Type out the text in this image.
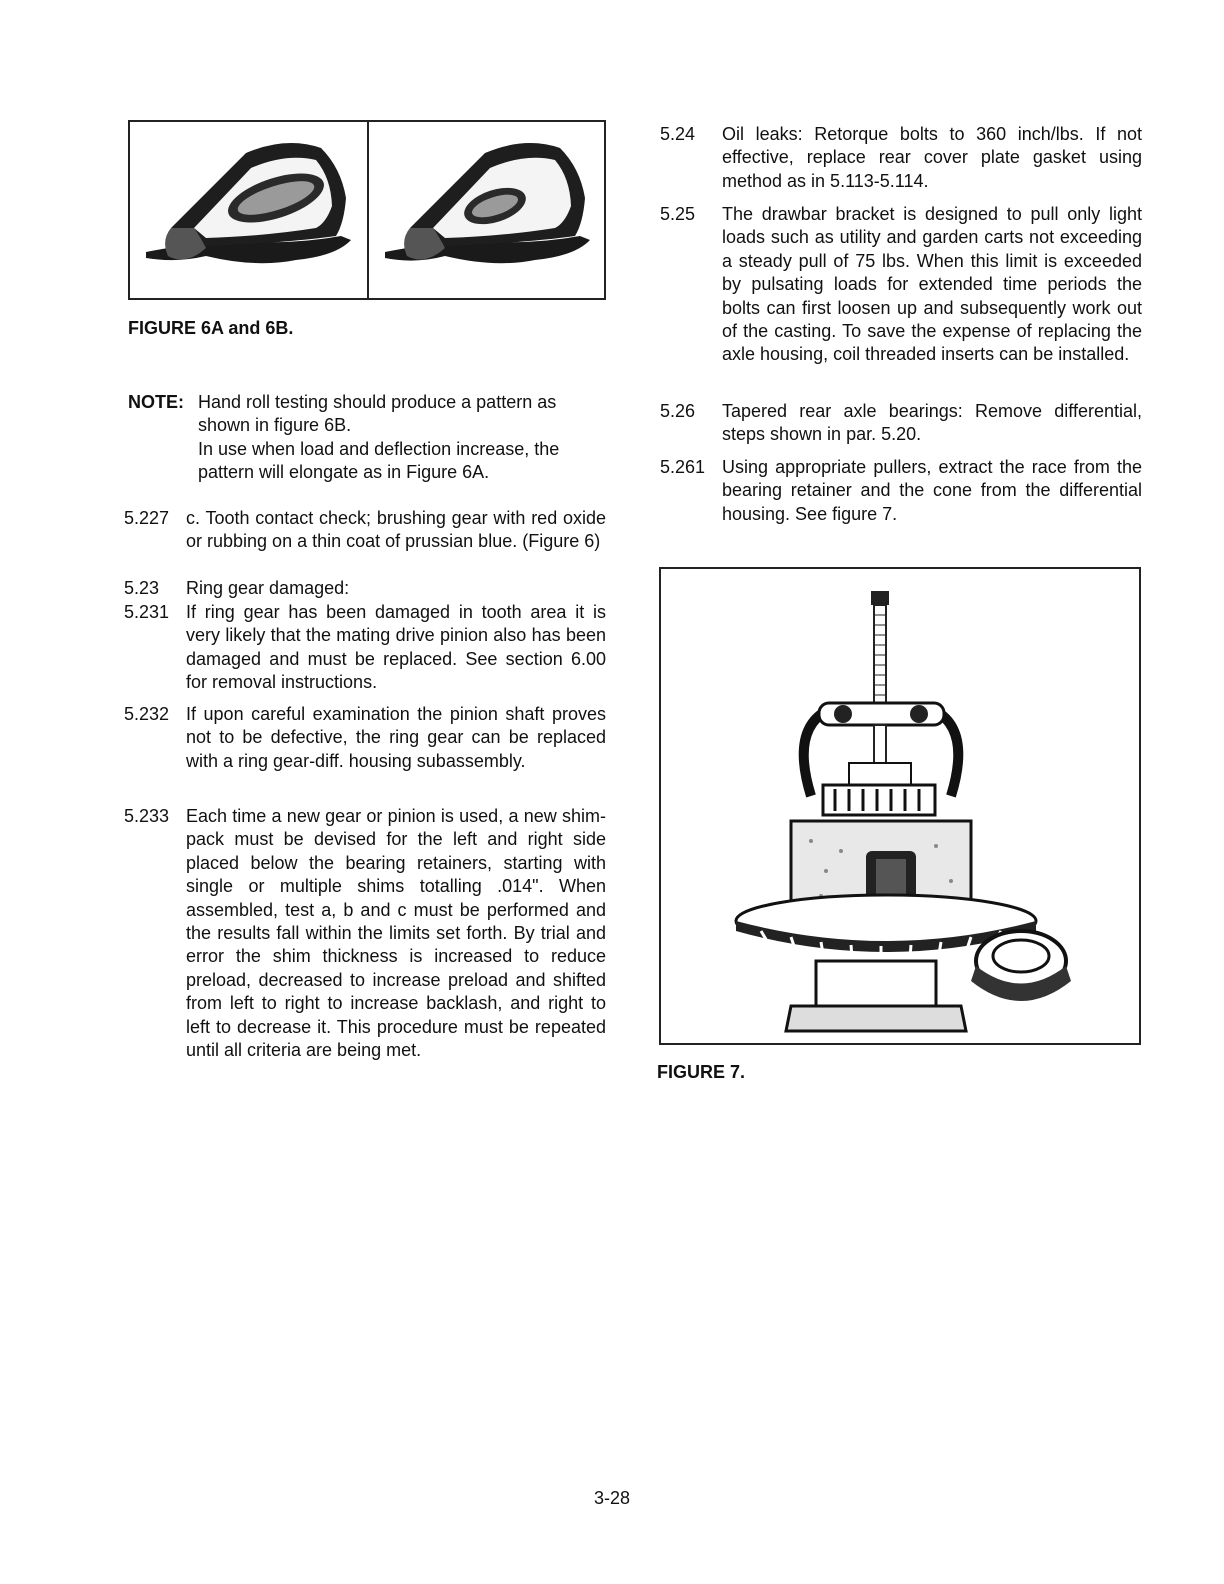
FIGURE 6A and 6B.
NOTE: Hand roll testing should produce a pattern as
shown in figure 6B.
In use when load and deflection increase, the
pattern will elongate as in Figure 6A.
5.227 c. Tooth contact check; brushing gear with red oxide or rubbing on a thin coat of prussian blue. (Figure 6)
5.23 Ring gear damaged:
5.231 If ring gear has been damaged in tooth area it is very likely that the mating drive pinion also has been damaged and must be replaced. See section 6.00 for removal instructions.
5.232 If upon careful examination the pinion shaft proves not to be defective, the ring gear can be replaced with a ring gear-diff. housing subassembly.
5.233 Each time a new gear or pinion is used, a new shim-pack must be devised for the left and right side placed below the bearing retainers, starting with single or multiple shims totalling .014". When assembled, test a, b and c must be performed and the results fall within the limits set forth. By trial and error the shim thickness is increased to reduce preload, decreased to increase preload and shifted from left to right to increase backlash, and right to left to decrease it. This procedure must be repeated until all criteria are being met.
5.24 Oil leaks: Retorque bolts to 360 inch/lbs. If not effective, replace rear cover plate gasket using method as in 5.113-5.114.
5.25 The drawbar bracket is designed to pull only light loads such as utility and garden carts not exceeding a steady pull of 75 lbs. When this limit is exceeded by pulsating loads for extended time periods the bolts can first loosen up and subsequently work out of the casting. To save the expense of replacing the axle housing, coil threaded inserts can be installed.
5.26 Tapered rear axle bearings: Remove differential, steps shown in par. 5.20.
5.261 Using appropriate pullers, extract the race from the bearing retainer and the cone from the differential housing. See figure 7.
FIGURE 7.
3-28
